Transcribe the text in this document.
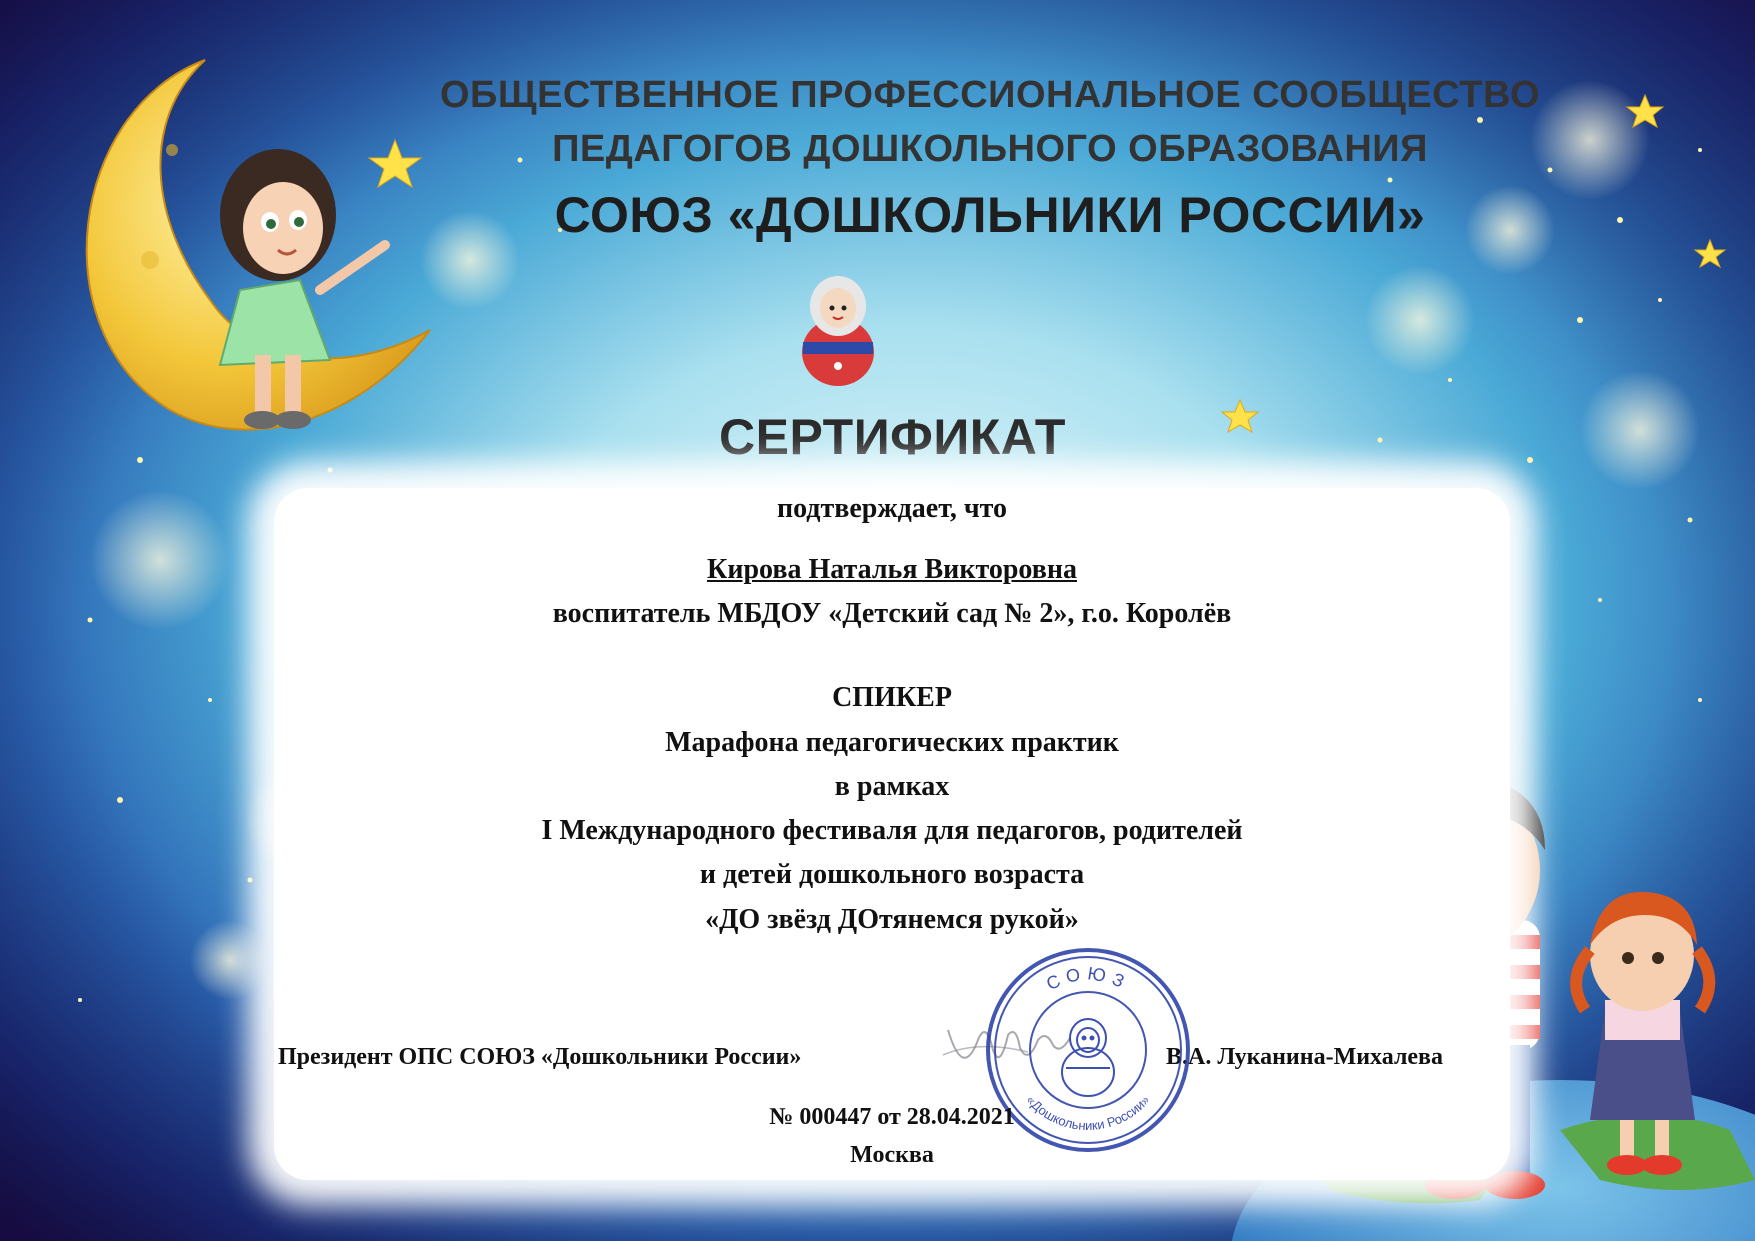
ОБЩЕСТВЕННОЕ ПРОФЕССИОНАЛЬНОЕ СООБЩЕСТВО
ПЕДАГОГОВ ДОШКОЛЬНОГО ОБРАЗОВАНИЯ
СОЮЗ «ДОШКОЛЬНИКИ РОССИИ»
СЕРТИФИКАТ
подтверждает, что
Кирова Наталья Викторовна
воспитатель МБДОУ «Детский сад № 2», г.о. Королёв
СПИКЕР
Марафона педагогических практик
в рамках
I Международного фестиваля для педагогов, родителей
и детей дошкольного возраста
«ДО звёзд ДОтянемся рукой»
Президент ОПС СОЮЗ «Дошкольники России»	В.А. Луканина-Михалева
СОЮЗ
«Дошкольники России»
№ 000447 от 28.04.2021
Москва
